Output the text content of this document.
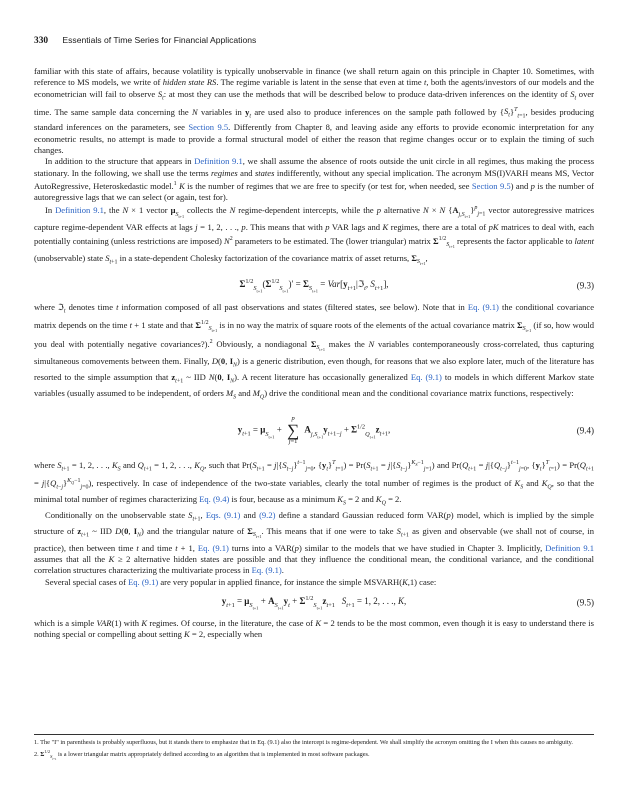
330 Essentials of Time Series for Financial Applications

familiar with this state of affairs, because volatility is typically unobservable in finance (we shall return again on this principle in Chapter 10. Sometimes, with reference to MS models, we write of hidden state RS. The regime variable is latent in the sense that even at time t, both the agents/investors of our models and the econometrician will fail to observe $S_t$: at most they can use the methods that will be described below to produce data-driven inferences on the identity of $S_t$ over time. The same sample data concerning the N variables in $y_t$ are used also to produce inferences on the sample path followed by $\{S_t\}^T_{t=1}$, besides producing standard inferences on the parameters, see Section 9.5. Differently from Chapter 8, and leaving aside any efforts to provide economic interpretation for any econometric results, no attempt is made to provide a formal structural model of either the reason that regime changes occur or to explain the timing of such changes.

In addition to the structure that appears in Definition 9.1, we shall assume the absence of roots outside the unit circle in all regimes, thus making the process stationary. In the following, we shall use the terms regimes and states indifferently, without any special implication. The acronym MS(I)VARH means MS, Vector AutoRegressive, Heteroskedastic model.$^1$ K is the number of regimes that we are free to specify (or test for, when needed, see Section 9.5) and p is the number of autoregressive lags that we can select (or again, test for).

In Definition 9.1, the N × 1 vector $\mu_{S_{t+1}}$ collects the N regime-dependent intercepts, while the p alternative N × N $\{A_{j,S_{t+1}}\}^p_{j=1}$ vector autoregressive matrices capture regime-dependent VAR effects at lags j = 1, 2, . . ., p. This means that with p VAR lags and K regimes, there are a total of pK matrices to deal with, each potentially containing (unless restrictions are imposed) $N^2$ parameters to be estimated. The (lower triangular) matrix $\Sigma^{1/2}_{S_{t+1}}$ represents the factor applicable to latent (unobservable) state $S_{t+1}$ in a state-dependent Cholesky factorization of the covariance matrix of asset returns, $\Sigma_{S_{t+1}}$,

$\Sigma^{1/2}_{S_{t+1}}(\Sigma^{1/2}_{S_{t+1}})' = \Sigma_{S_{t+1}}$ = $Var[y_{t+1}|ℑ_t$, $S_{t+1}$],	(9.3)

where ℑ$_t$ denotes time t information composed of all past observations and states (filtered states, see below). Note that in Eq. (9.1) the conditional covariance matrix depends on the time t + 1 state and that $\Sigma^{1/2}_{S_{t+1}}$ is in no way the matrix of square roots of the elements of the actual covariance matrix $\Sigma_{S_{t+1}}$ (if so, how would you deal with potentially negative covariances?).$^2$ Obviously, a nondiagonal $\Sigma_{S_{t+1}}$ makes the N variables contemporaneously cross-correlated, thus capturing simultaneous comovements between them. Finally, D(0, $I_N$) is a generic distribution, even though, for reasons that we also explore later, much of the literature has resorted to the simple assumption that $z_{t+1}$ ~ IID N(0, $I_N$). A recent literature has occasionally generalized Eq. (9.1) to models in which different Markov state variables (usually assumed to be independent, of orders $M_S$ and $M_Q$) drive the conditional mean and the conditional covariance matrix functions, respectively:

$y_{t+1} = \mu_{S_{t+1}}$ +
p
∑
j=1
$A_{j,S_{t+1}}y_{t+1-j} + \Sigma^{1/2}_{Q_{t+1}}z_{t+1}$,	(9.4)

where $S_{t+1} = 1$, 2, . . ., $K_S$ and $Q_{t+1} = 1$, 2, . . ., $K_Q$, such that $Pr(S_{t+1} = j|\{S_{t-j}\}^{t-1}_{j=0}$, $\{y_t\}^T_{t=1}) = Pr(S_{t+1} = j|\{S_{t-j}\}^{K_S-1}_{j=1})$ and $Pr(Q_{t+1} = j|\{Q_{t-j}\}^{t-1}_{j=0}$, $\{y_t\}^T_{t=1}) = Pr(Q_{t+1} = j|\{Q_{t-j}\}^{K_Q-1}_{j=0})$, respectively. In case of independence of the two-state variables, clearly the total number of regimes is the product of $K_S$ and $K_Q$, so that the minimal total number of regimes characterizing Eq. (9.4) is four, because as a minimum $K_S = 2$ and $K_Q = 2$.

Conditionally on the unobservable state $S_{t+1}$, Eqs. (9.1) and (9.2) define a standard Gaussian reduced form VAR(p) model, which is implied by the simple structure of $z_{t+1}$ ~ IID D(0, $I_N$) and the triangular nature of $\Sigma_{S_{t+1}}$. This means that if one were to take $S_{t+1}$ as given and observable (we shall not of course, in practice), then between time t and time t + 1, Eq. (9.1) turns into a VAR(p) similar to the models that we have studied in Chapter 3. Implicitly, Definition 9.1 assumes that all the K ≥ 2 alternative hidden states are possible and that they influence the conditional mean, the conditional variance, and the conditional correlation structures characterizing the multivariate process in Eq. (9.1).

Several special cases of Eq. (9.1) are very popular in applied finance, for instance the simple MSVARH(K,1) case:

$y_{t+1} = \mu_{S_{t+1}} + A_{S_{t+1}}y_t + \Sigma^{1/2}_{S_{t+1}}z_{t+1}$ $S_{t+1} = 1$, 2, . . ., K,	(9.5)

which is a simple VAR(1) with K regimes. Of course, in the literature, the case of K = 2 tends to be the most common, even though it is easy to understand there is nothing special or compelling about setting K = 2, especially when

1. The "I" in parenthesis is probably superfluous, but it stands there to emphasize that in Eq. (9.1) also the intercept is regime-dependent. We shall simplify the acronym omitting the I when this causes no ambiguity.

2. $\Sigma^{1/2}_{S_{t+1}}$ is a lower triangular matrix appropriately defined according to an algorithm that is implemented in most software packages.
